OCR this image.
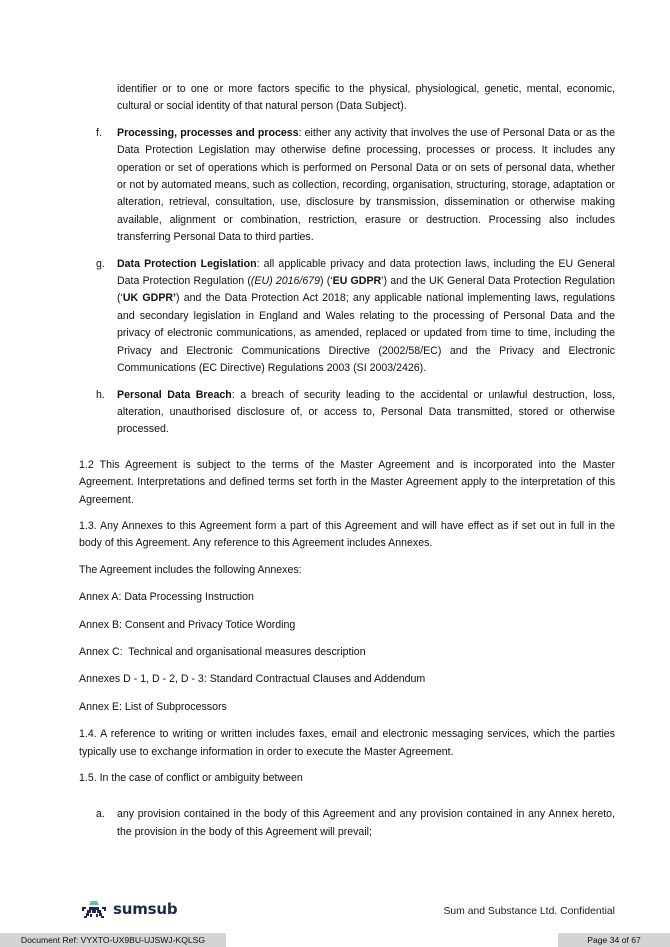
identifier or to one or more factors specific to the physical, physiological, genetic, mental, economic, cultural or social identity of that natural person (Data Subject).

f. Processing, processes and process: either any activity that involves the use of Personal Data or as the Data Protection Legislation may otherwise define processing, processes or process. It includes any operation or set of operations which is performed on Personal Data or on sets of personal data, whether or not by automated means, such as collection, recording, organisation, structuring, storage, adaptation or alteration, retrieval, consultation, use, disclosure by transmission, dissemination or otherwise making available, alignment or combination, restriction, erasure or destruction. Processing also includes transferring Personal Data to third parties.
g. Data Protection Legislation: all applicable privacy and data protection laws, including the EU General Data Protection Regulation ((EU) 2016/679) (‘EU GDPR’) and the UK General Data Protection Regulation (‘UK GDPR’) and the Data Protection Act 2018; any applicable national implementing laws, regulations and secondary legislation in England and Wales relating to the processing of Personal Data and the privacy of electronic communications, as amended, replaced or updated from time to time, including the Privacy and Electronic Communications Directive (2002/58/EC) and the Privacy and Electronic Communications (EC Directive) Regulations 2003 (SI 2003/2426).
h. Personal Data Breach: a breach of security leading to the accidental or unlawful destruction, loss, alteration, unauthorised disclosure of, or access to, Personal Data transmitted, stored or otherwise processed.

1.2 This Agreement is subject to the terms of the Master Agreement and is incorporated into the Master Agreement. Interpretations and defined terms set forth in the Master Agreement apply to the interpretation of this Agreement.

1.3. Any Annexes to this Agreement form a part of this Agreement and will have effect as if set out in full in the body of this Agreement. Any reference to this Agreement includes Annexes.

The Agreement includes the following Annexes:

Annex A: Data Processing Instruction

Annex B: Consent and Privacy Totice Wording

Annex C:  Technical and organisational measures description

Annexes D - 1, D - 2, D - 3: Standard Contractual Clauses and Addendum

Annex E: List of Subprocessors

1.4. A reference to writing or written includes faxes, email and electronic messaging services, which the parties typically use to exchange information in order to execute the Master Agreement.

1.5. In the case of conflict or ambiguity between

a. any provision contained in the body of this Agreement and any provision contained in any Annex hereto, the provision in the body of this Agreement will prevail;
sumsub	Sum and Substance Ltd. Confidential
Document Ref: VYXTO-UX9BU-UJSWJ-KQLSG	Page 34 of 67
